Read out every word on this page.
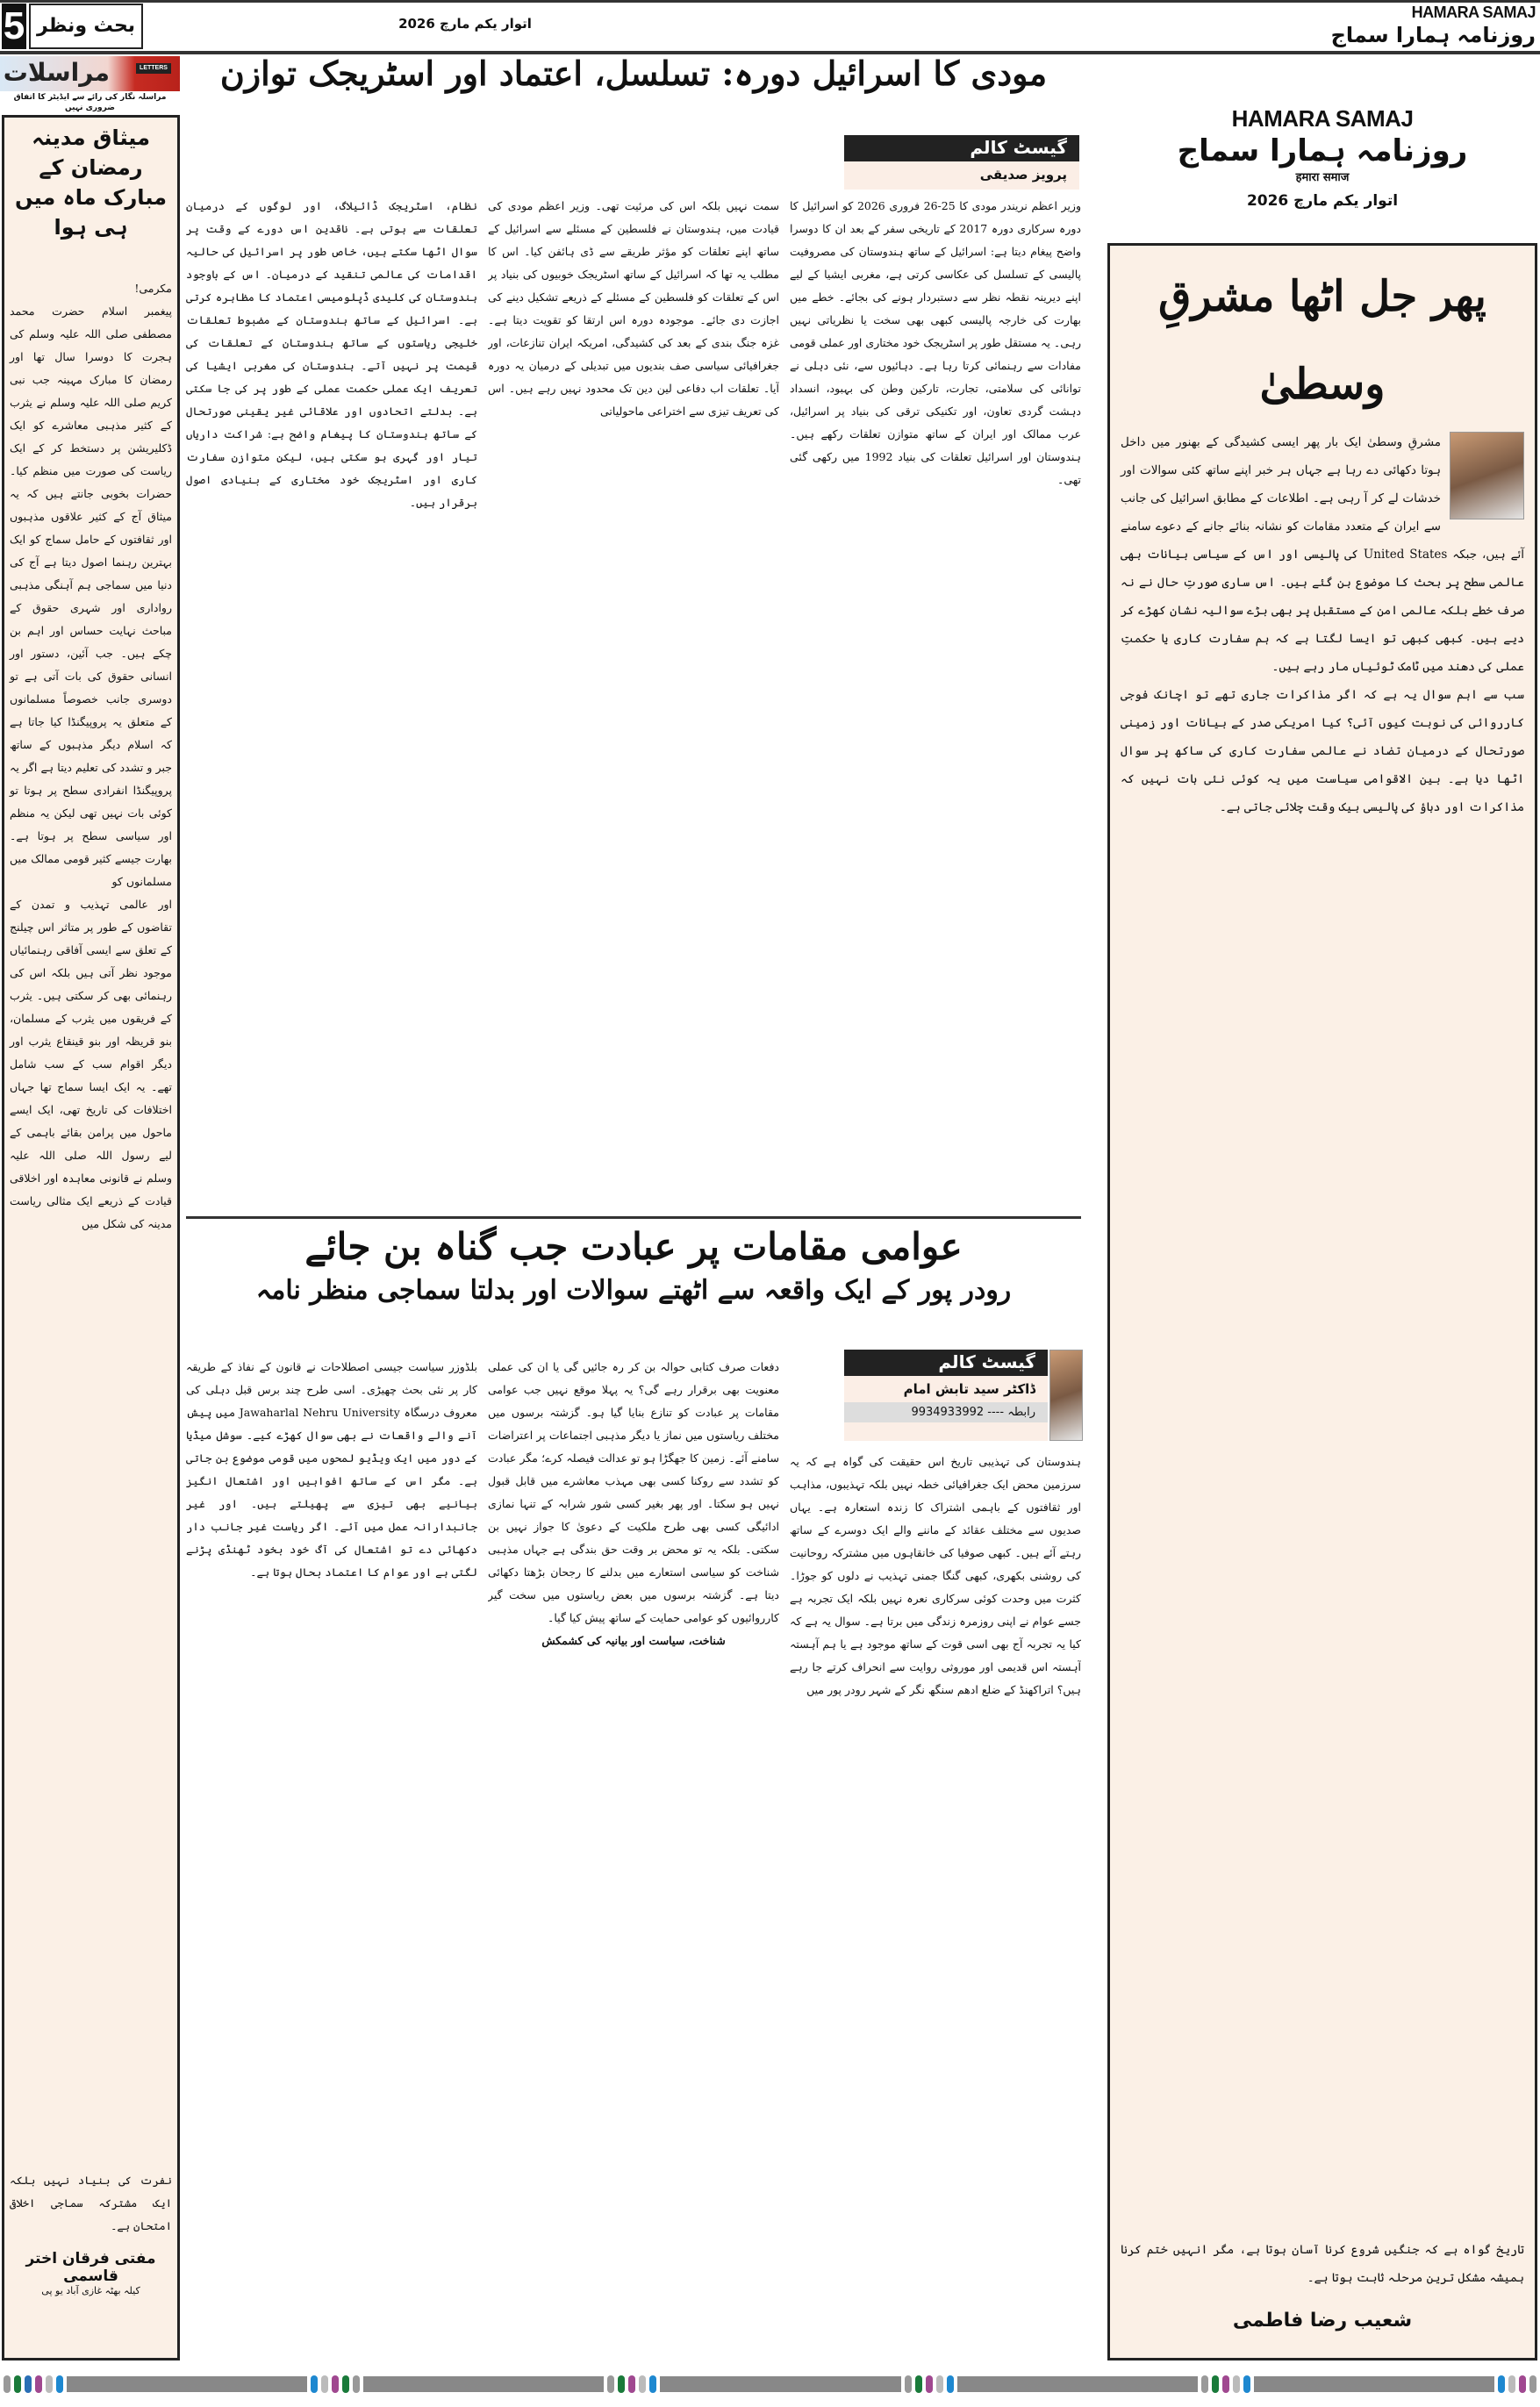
5 بحث ونظر	اتوار یکم مارچ 2026
HAMARA SAMAJ
روزنامہ ہمارا سماج
مراسلات	LETTERS
مراسلہ نگار کی رائے سے ایڈیٹر کا اتفاق ضروری نہیں
میثاق مدینہ رمضان کے مبارک ماہ میں ہی ہوا
مکرمی!

پیغمبر اسلام حضرت محمد مصطفی صلی اللہ علیہ وسلم کی ہجرت کا دوسرا سال تھا اور رمضان کا مبارک مہینہ جب نبی کریم صلی اللہ علیہ وسلم نے یثرب کے کثیر مذہبی معاشرے کو ایک ڈکلیریشن پر دستخط کر کے ایک ریاست کی صورت میں منظم کیا۔ حضرات بخوبی جانتے ہیں کہ یہ میثاق آج کے کثیر علاقوں مذہبوں اور ثقافتوں کے حامل سماج کو ایک بہترین رہنما اصول دیتا ہے آج کی دنیا میں سماجی ہم آہنگی مذہبی رواداری اور شہری حقوق کے مباحث نہایت حساس اور اہم بن چکے ہیں۔ جب آئین، دستور اور انسانی حقوق کی بات آتی ہے تو دوسری جانب خصوصاً مسلمانوں کے متعلق یہ پروپیگنڈا کیا جاتا ہے کہ اسلام دیگر مذہبوں کے ساتھ جبر و تشدد کی تعلیم دیتا ہے اگر یہ پروپیگنڈا انفرادی سطح پر ہوتا تو کوئی بات نہیں تھی لیکن یہ منظم اور سیاسی سطح پر ہوتا ہے۔ بھارت جیسے کثیر قومی ممالک میں مسلمانوں کو

اور عالمی تہذیب و تمدن کے تقاضوں کے طور پر متاثر اس چیلنج کے تعلق سے ایسی آفاقی رہنمائیاں موجود نظر آتی ہیں بلکہ اس کی رہنمائی بھی کر سکتی ہیں۔ یثرب کے فریقوں میں یثرب کے مسلمان، بنو قریظہ اور بنو قینقاع یثرب اور دیگر اقوام سب کے سب شامل تھے۔ یہ ایک ایسا سماج تھا جہاں اختلافات کی تاریخ تھی، ایک ایسے ماحول میں پرامن بقائے باہمی کے لیے رسول اللہ صلی اللہ علیہ وسلم نے قانونی معاہدہ اور اخلاقی قیادت کے ذریعے ایک مثالی ریاست مدینہ کی شکل میں

نفرت کی بنیاد نہیں بلکہ ایک مشترکہ سماجی اخلاقی امتحان ہے۔

مفتی فرقان اختر قاسمی
کیلہ بھٹہ غازی آباد یو پی
مودی کا اسرائیل دورہ: تسلسل، اعتماد اور اسٹریجک توازن
گیسٹ کالم
پرویز صدیقی
وزیر اعظم نریندر مودی کا 25-26 فروری 2026 کو اسرائیل کا دورہ سرکاری دورہ 2017 کے تاریخی سفر کے بعد ان کا دوسرا واضح پیغام دیتا ہے: اسرائیل کے ساتھ ہندوستان کی مصروفیت پالیسی کے تسلسل کی عکاسی کرتی ہے، مغربی ایشیا کے لیے اپنے دیرینہ نقطہ نظر سے دستبردار ہونے کی بجائے۔ خطے میں بھارت کی خارجہ پالیسی کبھی بھی سخت یا نظریاتی نہیں رہی۔ یہ مستقل طور پر اسٹریجک خود مختاری اور عملی قومی مفادات سے رہنمائی کرتا رہا ہے۔ دہائیوں سے، نئی دہلی نے توانائی کی سلامتی، تجارت، تارکین وطن کی بہبود، انسداد دہشت گردی تعاون، اور تکنیکی ترقی کی بنیاد پر اسرائیل، عرب ممالک اور ایران کے ساتھ متوازن تعلقات رکھے ہیں۔ ہندوستان اور اسرائیل تعلقات کی بنیاد 1992 میں رکھی گئی تھی۔
سمت نہیں بلکہ اس کی مرئیت تھی۔ وزیر اعظم مودی کی قیادت میں، ہندوستان نے فلسطین کے مسئلے سے اسرائیل کے ساتھ اپنے تعلقات کو مؤثر طریقے سے ڈی ہائفن کیا۔ اس کا مطلب یہ تھا کہ اسرائیل کے ساتھ اسٹریجک خوبیوں کی بنیاد پر اس کے تعلقات کو فلسطین کے مسئلے کے ذریعے تشکیل دینے کی اجازت دی جائے۔ موجودہ دورہ اس ارتقا کو تقویت دیتا ہے۔ غزہ جنگ بندی کے بعد کی کشیدگی، امریکہ ایران تنازعات، اور جغرافیائی سیاسی صف بندیوں میں تبدیلی کے درمیان یہ دورہ آیا۔ تعلقات اب دفاعی لین دین تک محدود نہیں رہے ہیں۔ اس کی تعریف تیزی سے اختراعی ماحولیاتی
نظام، اسٹریجک ڈائیلاگ، اور لوگوں کے درمیان تعلقات سے ہوتی ہے۔ ناقدین اس دورے کے وقت پر سوال اٹھا سکتے ہیں، خاص طور پر اسرائیل کی حالیہ اقدامات کی عالمی تنقید کے درمیان۔ اس کے باوجود ہندوستان کی کلیدی ڈپلومیسی اعتماد کا مظاہرہ کرتی ہے۔ اسرائیل کے ساتھ ہندوستان کے مضبوط تعلقات خلیجی ریاستوں کے ساتھ ہندوستان کے تعلقات کی قیمت پر نہیں آتے۔ ہندوستان کی مغربی ایشیا کی تعریف ایک عملی حکمت عملی کے طور پر کی جا سکتی ہے۔ بدلتے اتحادوں اور علاقائی غیر یقینی صورتحال کے ساتھ ہندوستان کا پیغام واضح ہے: شراکت داریاں تیار اور گہری ہو سکتی ہیں، لیکن متوازن سفارت کاری اور اسٹریجک خود مختاری کے بنیادی اصول برقرار ہیں۔
عوامی مقامات پر عبادت جب گناہ بن جائے
رودر پور کے ایک واقعہ سے اٹھتے سوالات اور بدلتا سماجی منظر نامہ
گیسٹ کالم
ڈاکٹر سید تابش امام
رابطہ ---- 9934933992
ہندوستان کی تہذیبی تاریخ اس حقیقت کی گواہ ہے کہ یہ سرزمین محض ایک جغرافیائی خطہ نہیں بلکہ تہذیبوں، مذاہب اور ثقافتوں کے باہمی اشتراک کا زندہ استعارہ ہے۔ یہاں صدیوں سے مختلف عقائد کے ماننے والے ایک دوسرے کے ساتھ رہتے آئے ہیں۔ کبھی صوفیا کی خانقاہوں میں مشترکہ روحانیت کی روشنی بکھری، کبھی گنگا جمنی تہذیب نے دلوں کو جوڑا۔ کثرت میں وحدت کوئی سرکاری نعرہ نہیں بلکہ ایک تجربہ ہے جسے عوام نے اپنی روزمرہ زندگی میں برتا ہے۔ سوال یہ ہے کہ کیا یہ تجربہ آج بھی اسی قوت کے ساتھ موجود ہے یا ہم آہستہ آہستہ اس قدیمی اور موروثی روایت سے انحراف کرتے جا رہے ہیں؟ اتراکھنڈ کے ضلع ادھم سنگھ نگر کے شہر رودر پور میں
دفعات صرف کتابی حوالہ بن کر رہ جائیں گی یا ان کی عملی معنویت بھی برقرار رہے گی؟ یہ پہلا موقع نہیں جب عوامی مقامات پر عبادت کو تنازع بنایا گیا ہو۔ گزشتہ برسوں میں مختلف ریاستوں میں نماز یا دیگر مذہبی اجتماعات پر اعتراضات سامنے آئے۔ زمین کا جھگڑا ہو تو عدالت فیصلہ کرے؛ مگر عبادت کو تشدد سے روکنا کسی بھی مہذب معاشرے میں قابل قبول نہیں ہو سکتا۔ اور پھر بغیر کسی شور شرابہ کے تنہا نمازی ادائیگی کسی بھی طرح ملکیت کے دعویٰ کا جواز نہیں بن سکتی۔ بلکہ یہ تو محض بر وقت حق بندگی ہے جہاں مذہبی شناخت کو سیاسی استعارے میں بدلنے کا رجحان بڑھتا دکھائی دیتا ہے۔ گزشتہ برسوں میں بعض ریاستوں میں سخت گیر کارروائیوں کو عوامی حمایت کے ساتھ پیش کیا گیا۔
شناخت، سیاست اور بیانیہ کی کشمکش
بلڈوزر سیاست جیسی اصطلاحات نے قانون کے نفاذ کے طریقہ کار پر نئی بحث چھیڑی۔ اسی طرح چند برس قبل دہلی کی معروف درسگاہ Jawaharlal Nehru University میں پیش آنے والے واقعات نے بھی سوال کھڑے کیے۔ سوشل میڈیا کے دور میں ایک ویڈیو لمحوں میں قومی موضوع بن جاتی ہے۔ مگر اس کے ساتھ افواہیں اور اشتعال انگیز بیانیے بھی تیزی سے پھیلتے ہیں۔ اور غیر جانبدارانہ عمل میں آئے۔ اگر ریاست غیر جانب دار دکھائی دے تو اشتعال کی آگ خود بخود ٹھنڈی پڑنے لگتی ہے اور عوام کا اعتماد بحال ہوتا ہے۔
HAMARA SAMAJ
روزنامہ ہمارا سماج
हमारा समाज
اتوار یکم مارچ 2026
پھر جل اٹھا مشرقِ وسطیٰ

مشرقِ وسطیٰ ایک بار پھر ایسی کشیدگی کے بھنور میں داخل ہوتا دکھائی دے رہا ہے جہاں ہر خبر اپنے ساتھ کئی سوالات اور خدشات لے کر آ رہی ہے۔ اطلاعات کے مطابق اسرائیل کی جانب سے ایران کے متعدد مقامات کو نشانہ بنائے جانے کے دعوے سامنے آئے ہیں، جبکہ United States کی پالیسی اور اس کے سیاسی بیانات بھی عالمی سطح پر بحث کا موضوع بن گئے ہیں۔ اس ساری صورتِ حال نے نہ صرف خطے بلکہ عالمی امن کے مستقبل پر بھی بڑے سوالیہ نشان کھڑے کر دیے ہیں۔ کبھی کبھی تو ایسا لگتا ہے کہ ہم سفارت کاری یا حکمتِ عملی کی دھند میں ٹامک ٹوئیاں مار رہے ہیں۔

سب سے اہم سوال یہ ہے کہ اگر مذاکرات جاری تھے تو اچانک فوجی کارروائی کی نوبت کیوں آئی؟ کیا امریکی صدر کے بیانات اور زمینی صورتحال کے درمیان تضاد نے عالمی سفارت کاری کی ساکھ پر سوال اٹھا دیا ہے۔ بین الاقوامی سیاست میں یہ کوئی نئی بات نہیں کہ مذاکرات اور دباؤ کی پالیسی بیک وقت چلائی جاتی ہے۔

تاریخ گواہ ہے کہ جنگیں شروع کرنا آسان ہوتا ہے، مگر انہیں ختم کرنا ہمیشہ مشکل ترین مرحلہ ثابت ہوتا ہے۔

شعیب رضا فاطمی
